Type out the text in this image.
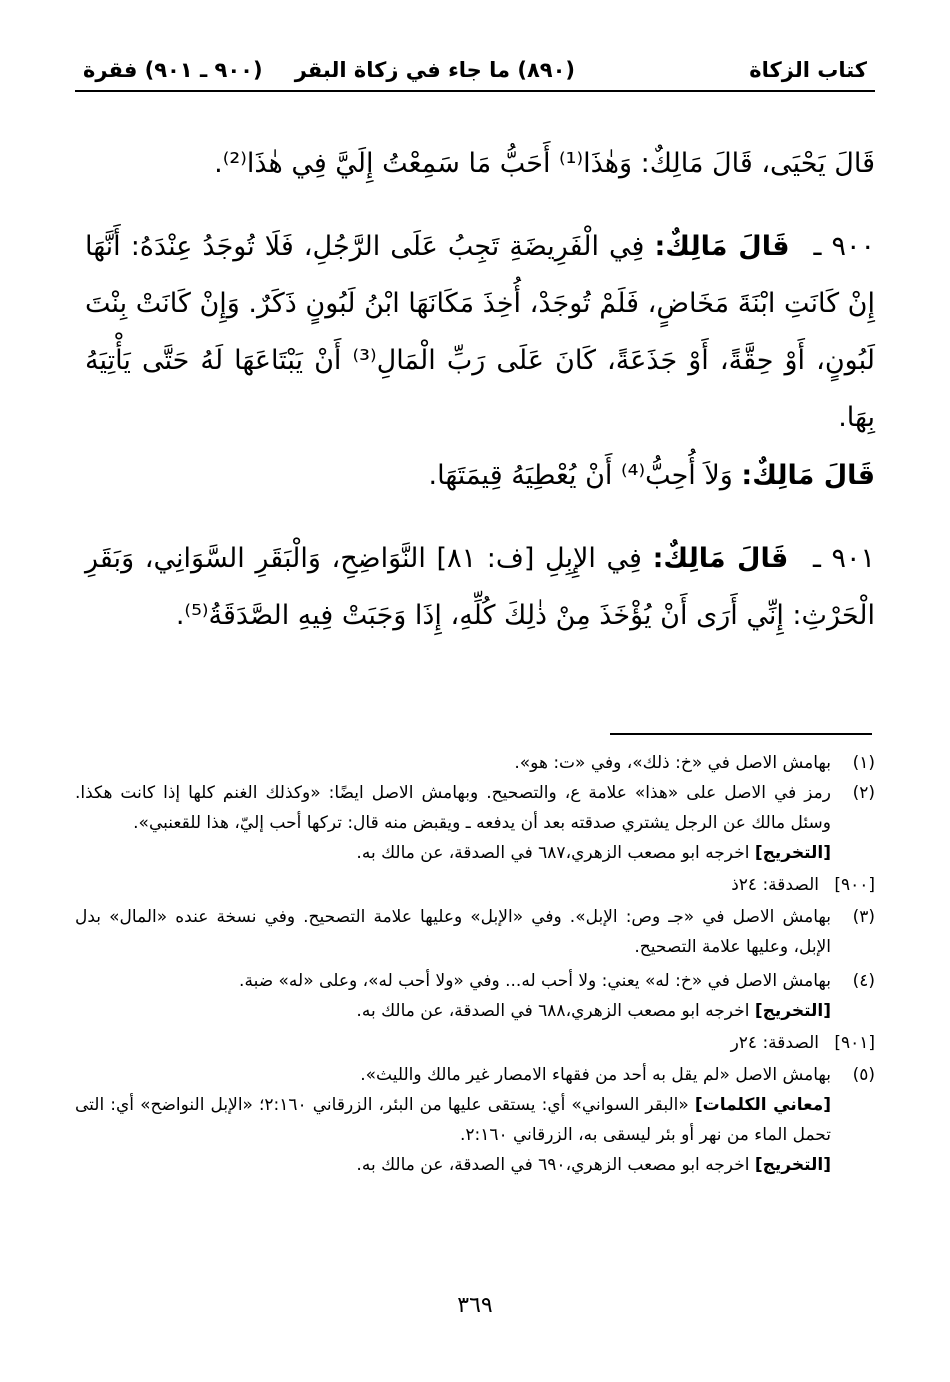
كتاب الزكاة
(٨٩٠) ما جاء في زكاة البقر
(٩٠٠ ـ ٩٠١) فقرة

قَالَ يَحْيَى، قَالَ مَالِكٌ: وَهٰذَا⁽¹⁾ أَحَبُّ مَا سَمِعْتُ إِلَيَّ فِي هٰذَا⁽²⁾.

٩٠٠ ـ قَالَ مَالِكٌ: فِي الْفَرِيضَةِ تَجِبُ عَلَى الرَّجُلِ، فَلَا تُوجَدُ عِنْدَهُ: أَنَّهَا إِنْ كَانَتِ ابْنَةَ مَخَاضٍ، فَلَمْ تُوجَدْ، أُخِذَ مَكَانَهَا ابْنُ لَبُونٍ ذَكَرٌ. وَإِنْ كَانَتْ بِنْتَ لَبُونٍ، أَوْ حِقَّةً، أَوْ جَذَعَةً، كَانَ عَلَى رَبِّ الْمَالِ⁽³⁾ أَنْ يَبْتَاعَهَا لَهُ حَتَّى يَأْتِيَهُ بِهَا.

قَالَ مَالِكٌ: وَلاَ أُحِبُّ⁽⁴⁾ أَنْ يُعْطِيَهُ قِيمَتَهَا.

٩٠١ ـ قَالَ مَالِكٌ: فِي الإِبِلِ [ف: ٨١] النَّوَاضِحِ، وَالْبَقَرِ السَّوَانِي، وَبَقَرِ الْحَرْثِ: إِنِّي أَرَى أَنْ يُؤْخَذَ مِنْ ذٰلِكَ كُلِّهِ، إِذَا وَجَبَتْ فِيهِ الصَّدَقَةُ⁽⁵⁾.

(١)
بهامش الاصل في «خ: ذلك»، وفي «ت: هو».
(٢)
رمز في الاصل على «هذا» علامة ع، والتصحيح. وبهامش الاصل ايضًا: «وكذلك الغنم كلها إذا كانت هكذا. وسئل مالك عن الرجل يشتري صدقته بعد أن يدفعه ـ ويقبض منه قال: تركها أحب إليّ، هذا للقعنبي».
[التخريج] اخرجه ابو مصعب الزهري،٦٨٧ في الصدقة، عن مالك به.
[٩٠٠]
الصدقة: ٢٤ذ
(٣)
بهامش الاصل في «جـ وص: الإبل». وفي «الإبل» وعليها علامة التصحيح. وفي نسخة عنده «المال» بدل الإبل، وعليها علامة التصحيح.
(٤)
بهامش الاصل في «خ: له» يعني: ولا أحب له... وفي «ولا أحب له»، وعلى «له» ضبة.
[التخريج] اخرجه ابو مصعب الزهري،٦٨٨ في الصدقة، عن مالك به.
[٩٠١]
الصدقة: ٢٤ر
(٥)
بهامش الاصل «لم يقل به أحد من فقهاء الامصار غير مالك والليث».
[معاني الكلمات] «البقر السواني» أي: يستقى عليها من البئر، الزرقاني ٢:١٦٠؛ «الإبل النواضح» أي: التى تحمل الماء من نهر أو بئر ليسقى به، الزرقاني ٢:١٦٠.
[التخريج] اخرجه ابو مصعب الزهري،٦٩٠ في الصدقة، عن مالك به.
٣٦٩
